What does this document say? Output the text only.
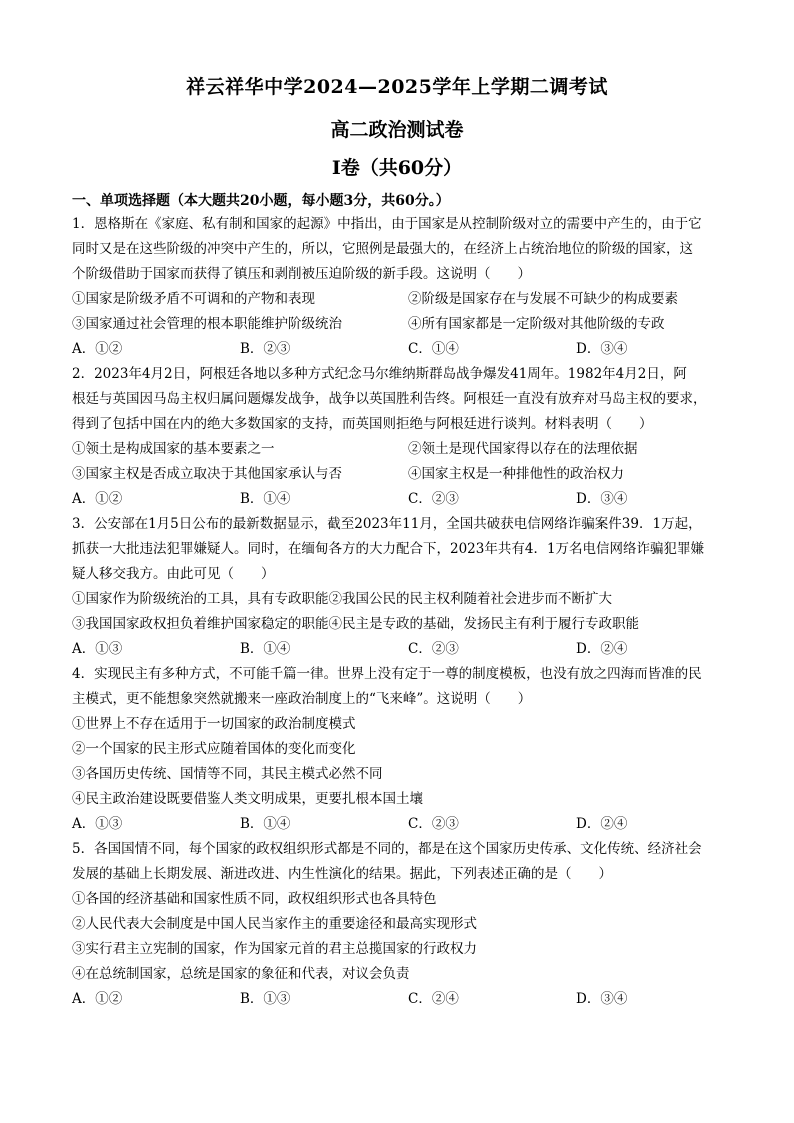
祥云祥华中学2024—2025学年上学期二调考试
高二政治测试卷
I卷（共60分）
一、单项选择题（本大题共20小题，每小题3分，共60分。）
1．恩格斯在《家庭、私有制和国家的起源》中指出，由于国家是从控制阶级对立的需要中产生的，由于它
同时又是在这些阶级的冲突中产生的，所以，它照例是最强大的，在经济上占统治地位的阶级的国家，这
个阶级借助于国家而获得了镇压和剥削被压迫阶级的新手段。这说明（　　）
①国家是阶级矛盾不可调和的产物和表现	②阶级是国家存在与发展不可缺少的构成要素
③国家通过社会管理的根本职能维护阶级统治	④所有国家都是一定阶级对其他阶级的专政
A．①②	B．②③	C．①④	D．③④
2．2023年4月2日，阿根廷各地以多种方式纪念马尔维纳斯群岛战争爆发41周年。1982年4月2日，阿
根廷与英国因马岛主权归属问题爆发战争，战争以英国胜利告终。阿根廷一直没有放弃对马岛主权的要求，
得到了包括中国在内的绝大多数国家的支持，而英国则拒绝与阿根廷进行谈判。材料表明（　　）
①领土是构成国家的基本要素之一	②领土是现代国家得以存在的法理依据
③国家主权是否成立取决于其他国家承认与否	④国家主权是一种排他性的政治权力
A．①②	B．①④	C．②③	D．③④
3．公安部在1月5日公布的最新数据显示，截至2023年11月，全国共破获电信网络诈骗案件39．1万起，
抓获一大批违法犯罪嫌疑人。同时，在缅甸各方的大力配合下，2023年共有4．1万名电信网络诈骗犯罪嫌
疑人移交我方。由此可见（　　）
①国家作为阶级统治的工具，具有专政职能②我国公民的民主权利随着社会进步而不断扩大
③我国国家政权担负着维护国家稳定的职能④民主是专政的基础，发扬民主有利于履行专政职能
A．①③	B．①④	C．②③	D．②④
4．实现民主有多种方式，不可能千篇一律。世界上没有定于一尊的制度模板，也没有放之四海而皆准的民
主模式，更不能想象突然就搬来一座政治制度上的“飞来峰”。这说明（　　）
①世界上不存在适用于一切国家的政治制度模式
②一个国家的民主形式应随着国体的变化而变化
③各国历史传统、国情等不同，其民主模式必然不同
④民主政治建设既要借鉴人类文明成果，更要扎根本国土壤
A．①③	B．①④	C．②③	D．②④
5．各国国情不同，每个国家的政权组织形式都是不同的，都是在这个国家历史传承、文化传统、经济社会
发展的基础上长期发展、渐进改进、内生性演化的结果。据此，下列表述正确的是（　　）
①各国的经济基础和国家性质不同，政权组织形式也各具特色
②人民代表大会制度是中国人民当家作主的重要途径和最高实现形式
③实行君主立宪制的国家，作为国家元首的君主总揽国家的行政权力
④在总统制国家，总统是国家的象征和代表，对议会负责
A．①②	B．①③	C．②④	D．③④
